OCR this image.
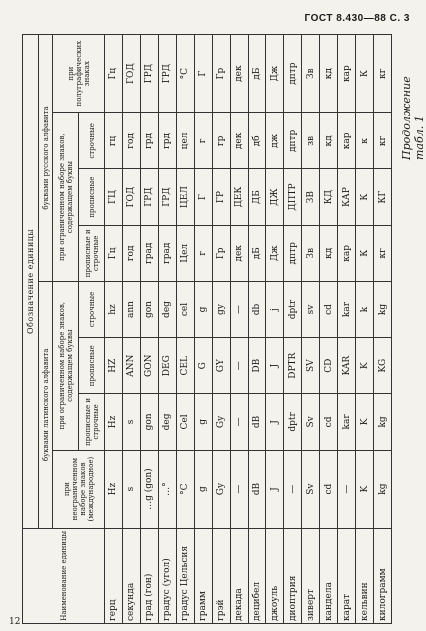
ГОСТ 8.430—88 С. 3
Продолжение табл. 1
Наименование единицы	Обозначение единицы							
	буквами латинского алфавита				буквами русского алфавита			
	при неограниченном наборе знаков (международное)	при ограниченном наборе знаков, содержащем буквы			при ограниченном наборе знаков, содержащем буквы			при полуграфических знаках
		прописные и строчные	прописные	строчные	прописные и строчные	прописные	строчные	
герц	Hz	Hz	HZ	hz	Гц	ГЦ	гц	Гц
секунда	s	s	ANN	ann	год	ГОД	год	ГОД
град (гон)	…g (gon)	gon	GON	gon	град	ГРД	грд	ГРД
градус (угол)	…°	deg	DEG	deg	град	ГРД	грд	ГРД
градус Цельсия	°C	Cel	CEL	cel	Цел	ЦЕЛ	цел	°C
грамм	g	g	G	g	г	Г	г	Г
грэй	Gy	Gy	GY	gy	Гр	ГР	гр	Гр
декада	—	—	—	—	дек	ДЕК	дек	дек
децибел	dB	dB	DB	db	дБ	ДБ	дб	дБ
джоуль	J	J	J	j	Дж	ДЖ	дж	Дж
диоптрия	—	dptr	DPTR	dptr	дптр	ДПТР	дптр	дптр
зиверт	Sv	Sv	SV	sv	Зв	ЗВ	зв	Зв
кандела	cd	cd	CD	cd	кд	КД	кд	кд
карат	—	kar	KAR	kar	кар	КАР	кар	кар
кельвин	K	K	K	k	К	К	к	К
килограмм	kg	kg	KG	kg	кг	КГ	кг	кг
12
